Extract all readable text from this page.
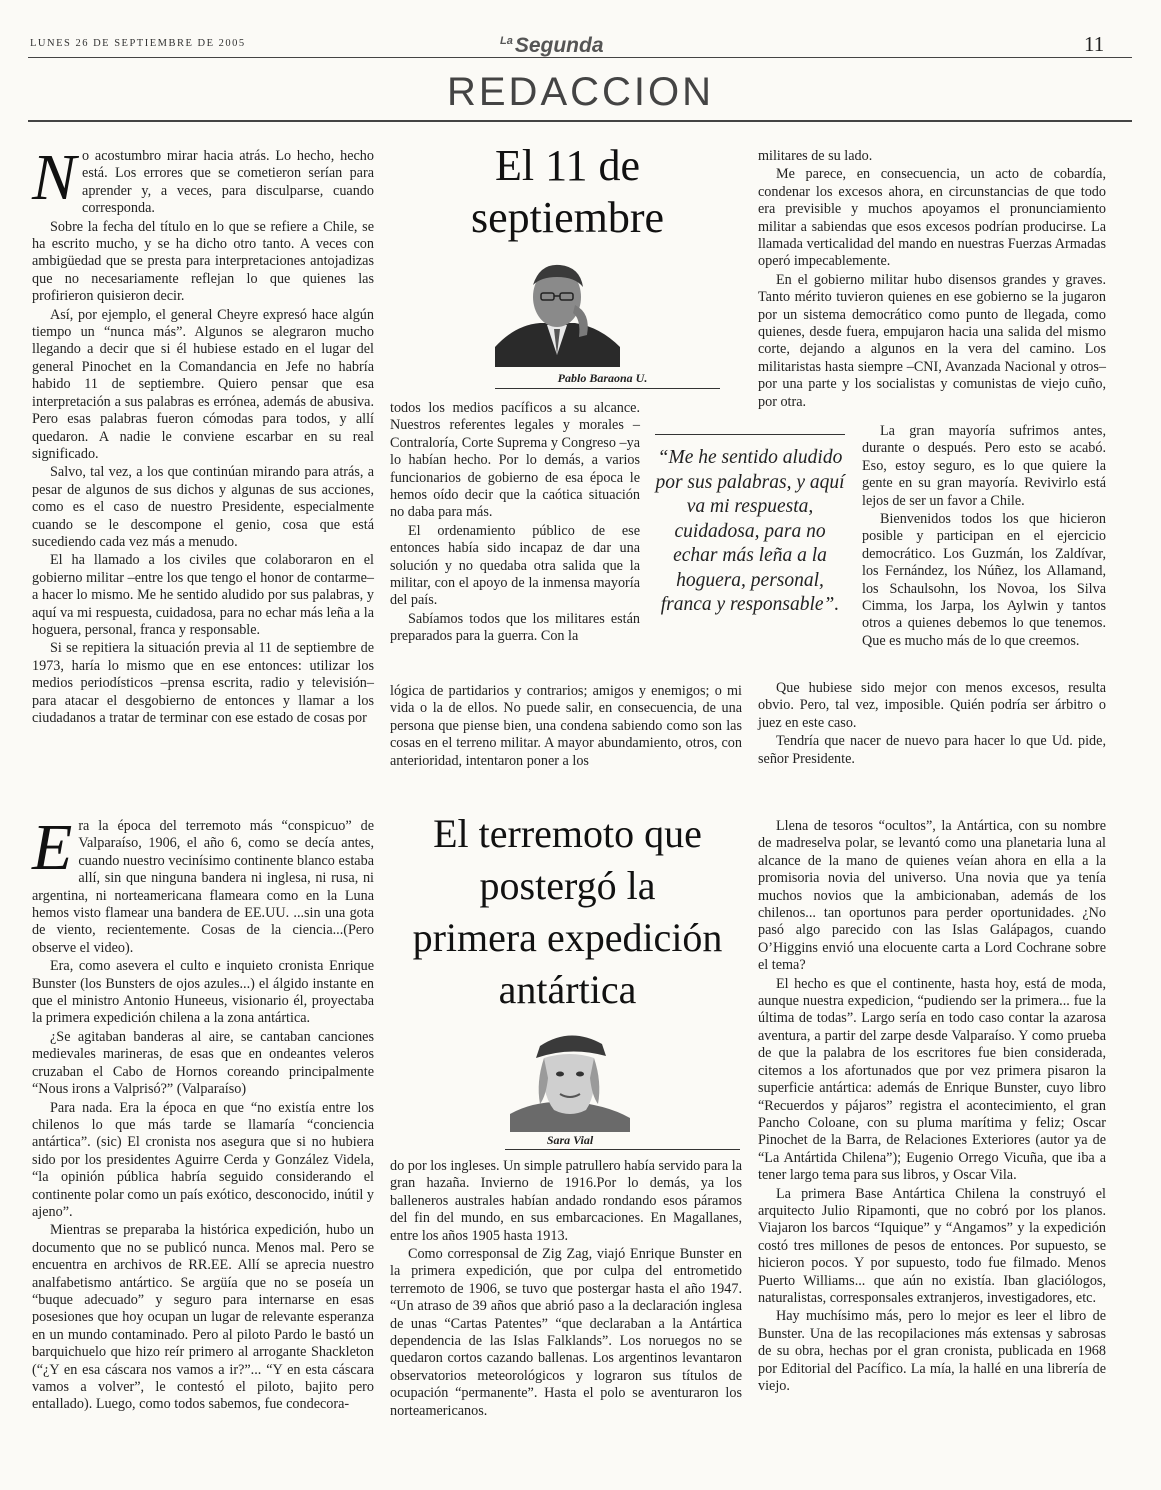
LUNES 26 DE SEPTIEMBRE DE 2005	$^{La}$Segunda	11
REDACCION
N o acostumbro mirar hacia atrás. Lo hecho, hecho está. Los errores que se cometieron serían para aprender y, a veces, para disculparse, cuando corresponda.

Sobre la fecha del título en lo que se refiere a Chile, se ha escrito mucho, y se ha dicho otro tanto. A veces con ambigüedad que se presta para interpretaciones antojadizas que no necesariamente reflejan lo que quienes las profirieron quisieron decir.

Así, por ejemplo, el general Cheyre expresó hace algún tiempo un “nunca más”. Algunos se alegraron mucho llegando a decir que si él hubiese estado en el lugar del general Pinochet en la Comandancia en Jefe no habría habido 11 de septiembre. Quiero pensar que esa interpretación a sus palabras es errónea, además de abusiva. Pero esas palabras fueron cómodas para todos, y allí quedaron. A nadie le conviene escarbar en su real significado.

Salvo, tal vez, a los que continúan mirando para atrás, a pesar de algunos de sus dichos y algunas de sus acciones, como es el caso de nuestro Presidente, especialmente cuando se le descompone el genio, cosa que está sucediendo cada vez más a menudo.

El ha llamado a los civiles que colaboraron en el gobierno militar –entre los que tengo el honor de contarme– a hacer lo mismo. Me he sentido aludido por sus palabras, y aquí va mi respuesta, cuidadosa, para no echar más leña a la hoguera, personal, franca y responsable.

Si se repitiera la situación previa al 11 de septiembre de 1973, haría lo mismo que en ese entonces: utilizar los medios periodísticos –prensa escrita, radio y televisión– para atacar el desgobierno de entonces y llamar a los ciudadanos a tratar de terminar con ese estado de cosas por

El 11 de
septiembre
Pablo Baraona U.

todos los medios pacíficos a su alcance. Nuestros referentes legales y morales –Contraloría, Corte Suprema y Congreso –ya lo habían hecho. Por lo demás, a varios funcionarios de gobierno de esa época le hemos oído decir que la caótica situación no daba para más.

El ordenamiento público de ese entonces había sido incapaz de dar una solución y no quedaba otra salida que la militar, con el apoyo de la inmensa mayoría del país.

Sabíamos todos que los militares están preparados para la guerra. Con la

lógica de partidarios y contrarios; amigos y enemigos; o mi vida o la de ellos. No puede salir, en consecuencia, de una persona que piense bien, una condena sabiendo como son las cosas en el terreno militar. A mayor abundamiento, otros, con anterioridad, intentaron poner a los

“Me he sentido aludido por sus palabras, y aquí va mi respuesta, cuidadosa, para no echar más leña a la hoguera, personal, franca y responsable”.

militares de su lado.

Me parece, en consecuencia, un acto de cobardía, condenar los excesos ahora, en circunstancias de que todo era previsible y muchos apoyamos el pronunciamiento militar a sabiendas que esos excesos podrían producirse. La llamada verticalidad del mando en nuestras Fuerzas Armadas operó impecablemente.

En el gobierno militar hubo disensos grandes y graves. Tanto mérito tuvieron quienes en ese gobierno se la jugaron por un sistema democrático como punto de llegada, como quienes, desde fuera, empujaron hacia una salida del mismo corte, dejando a algunos en la vera del camino. Los militaristas hasta siempre –CNI, Avanzada Nacional y otros– por una parte y los socialistas y comunistas de viejo cuño, por otra.

La gran mayoría sufrimos antes, durante o después. Pero esto se acabó. Eso, estoy seguro, es lo que quiere la gente en su gran mayoría. Revivirlo está lejos de ser un favor a Chile.

Bienvenidos todos los que hicieron posible y participan en el ejercicio democrático. Los Guzmán, los Zaldívar, los Fernández, los Núñez, los Allamand, los Schaulsohn, los Novoa, los Silva Cimma, los Jarpa, los Aylwin y tantos otros a quienes debemos lo que tenemos. Que es mucho más de lo que creemos.

Que hubiese sido mejor con menos excesos, resulta obvio. Pero, tal vez, imposible. Quién podría ser árbitro o juez en este caso.

Tendría que nacer de nuevo para hacer lo que Ud. pide, señor Presidente.

E ra la época del terremoto más “conspicuo” de Valparaíso, 1906, el año 6, como se decía antes, cuando nuestro vecinísimo continente blanco estaba allí, sin que ninguna bandera ni inglesa, ni rusa, ni argentina, ni norteamericana flameara como en la Luna hemos visto flamear una bandera de EE.UU. ...sin una gota de viento, recientemente. Cosas de la ciencia...(Pero observe el video).

Era, como asevera el culto e inquieto cronista Enrique Bunster (los Bunsters de ojos azules...) el álgido instante en que el ministro Antonio Huneeus, visionario él, proyectaba la primera expedición chilena a la zona antártica.

¿Se agitaban banderas al aire, se cantaban canciones medievales marineras, de esas que en ondeantes veleros cruzaban el Cabo de Hornos coreando principalmente “Nous irons a Valprisó?” (Valparaíso)

Para nada. Era la época en que “no existía entre los chilenos lo que más tarde se llamaría “conciencia antártica”. (sic) El cronista nos asegura que si no hubiera sido por los presidentes Aguirre Cerda y González Videla, “la opinión pública habría seguido considerando el continente polar como un país exótico, desconocido, inútil y ajeno”.

Mientras se preparaba la histórica expedición, hubo un documento que no se publicó nunca. Menos mal. Pero se encuentra en archivos de RR.EE. Allí se aprecia nuestro analfabetismo antártico. Se argüía que no se poseía un “buque adecuado” y seguro para internarse en esas posesiones que hoy ocupan un lugar de relevante esperanza en un mundo contaminado. Pero al piloto Pardo le bastó un barquichuelo que hizo reír primero al arrogante Shackleton (“¿Y en esa cáscara nos vamos a ir?”... “Y en esta cáscara vamos a volver”, le contestó el piloto, bajito pero entallado). Luego, como todos sabemos, fue condecora-

El terremoto que
postergó la
primera expedición
antártica
Sara Vial

do por los ingleses. Un simple patrullero había servido para la gran hazaña. Invierno de 1916.Por lo demás, ya los balleneros australes habían andado rondando esos páramos del fin del mundo, en sus embarcaciones. En Magallanes, entre los años 1905 hasta 1913.

Como corresponsal de Zig Zag, viajó Enrique Bunster en la primera expedición, que por culpa del entrometido terremoto de 1906, se tuvo que postergar hasta el año 1947. “Un atraso de 39 años que abrió paso a la declaración inglesa de unas “Cartas Patentes” “que declaraban a la Antártica dependencia de las Islas Falklands”. Los noruegos no se quedaron cortos cazando ballenas. Los argentinos levantaron observatorios meteorológicos y lograron sus títulos de ocupación “permanente”. Hasta el polo se aventuraron los norteamericanos.

Llena de tesoros “ocultos”, la Antártica, con su nombre de madreselva polar, se levantó como una planetaria luna al alcance de la mano de quienes veían ahora en ella a la promisoria novia del universo. Una novia que ya tenía muchos novios que la ambicionaban, además de los chilenos... tan oportunos para perder oportunidades. ¿No pasó algo parecido con las Islas Galápagos, cuando O’Higgins envió una elocuente carta a Lord Cochrane sobre el tema?

El hecho es que el continente, hasta hoy, está de moda, aunque nuestra expedicion, “pudiendo ser la primera... fue la última de todas”. Largo sería en todo caso contar la azarosa aventura, a partir del zarpe desde Valparaíso. Y como prueba de que la palabra de los escritores fue bien considerada, citemos a los afortunados que por vez primera pisaron la superficie antártica: además de Enrique Bunster, cuyo libro “Recuerdos y pájaros” registra el acontecimiento, el gran Pancho Coloane, con su pluma marítima y feliz; Oscar Pinochet de la Barra, de Relaciones Exteriores (autor ya de “La Antártida Chilena”); Eugenio Orrego Vicuña, que iba a tener largo tema para sus libros, y Oscar Vila.

La primera Base Antártica Chilena la construyó el arquitecto Julio Ripamonti, que no cobró por los planos. Viajaron los barcos “Iquique” y “Angamos” y la expedición costó tres millones de pesos de entonces. Por supuesto, se hicieron pocos. Y por supuesto, todo fue filmado. Menos Puerto Williams... que aún no existía. Iban glaciólogos, naturalistas, corresponsales extranjeros, investigadores, etc.

Hay muchísimo más, pero lo mejor es leer el libro de Bunster. Una de las recopilaciones más extensas y sabrosas de su obra, hechas por el gran cronista, publicada en 1968 por Editorial del Pacífico. La mía, la hallé en una librería de viejo.
